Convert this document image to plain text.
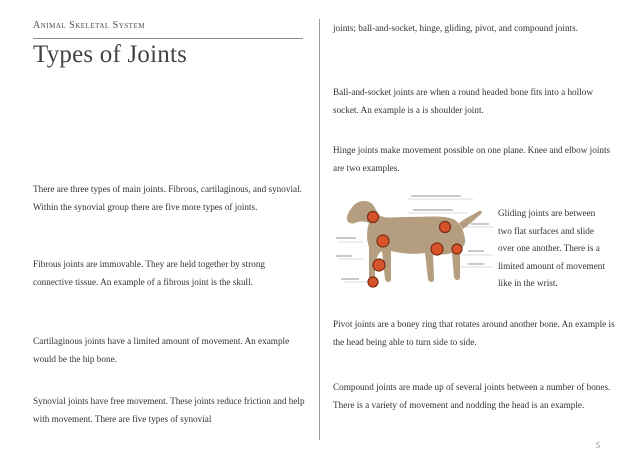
Animal Skeletal System
Types of Joints

There are three types of main joints. Fibrous, cartilaginous, and synovial. Within the synovial group there are five more types of joints.

Fibrous joints are immovable. They are held together by strong connective tissue. An example of a fibrous joint is the skull.

Cartilaginous joints have a limited amount of movement. An example would be the hip bone.

Synovial joints have free movement. These joints reduce friction and help with movement. There are five types of synovial

joints; ball-and-socket, hinge, gliding, pivot, and compound joints.

Ball-and-socket joints are when a round headed bone fits into a hollow socket. An example is a is shoulder joint.

Hinge joints make movement possible on one plane. Knee and elbow joints are two examples.

Gliding joints are between two flat surfaces and slide over one another. There is a limited amount of movement like in the wrist.

Pivot joints are a boney ring that rotates around another bone. An example is the head being able to turn side to side.

Compound joints are made up of several joints between a number of bones. There is a variety of movement and nodding the head is an example.

5
